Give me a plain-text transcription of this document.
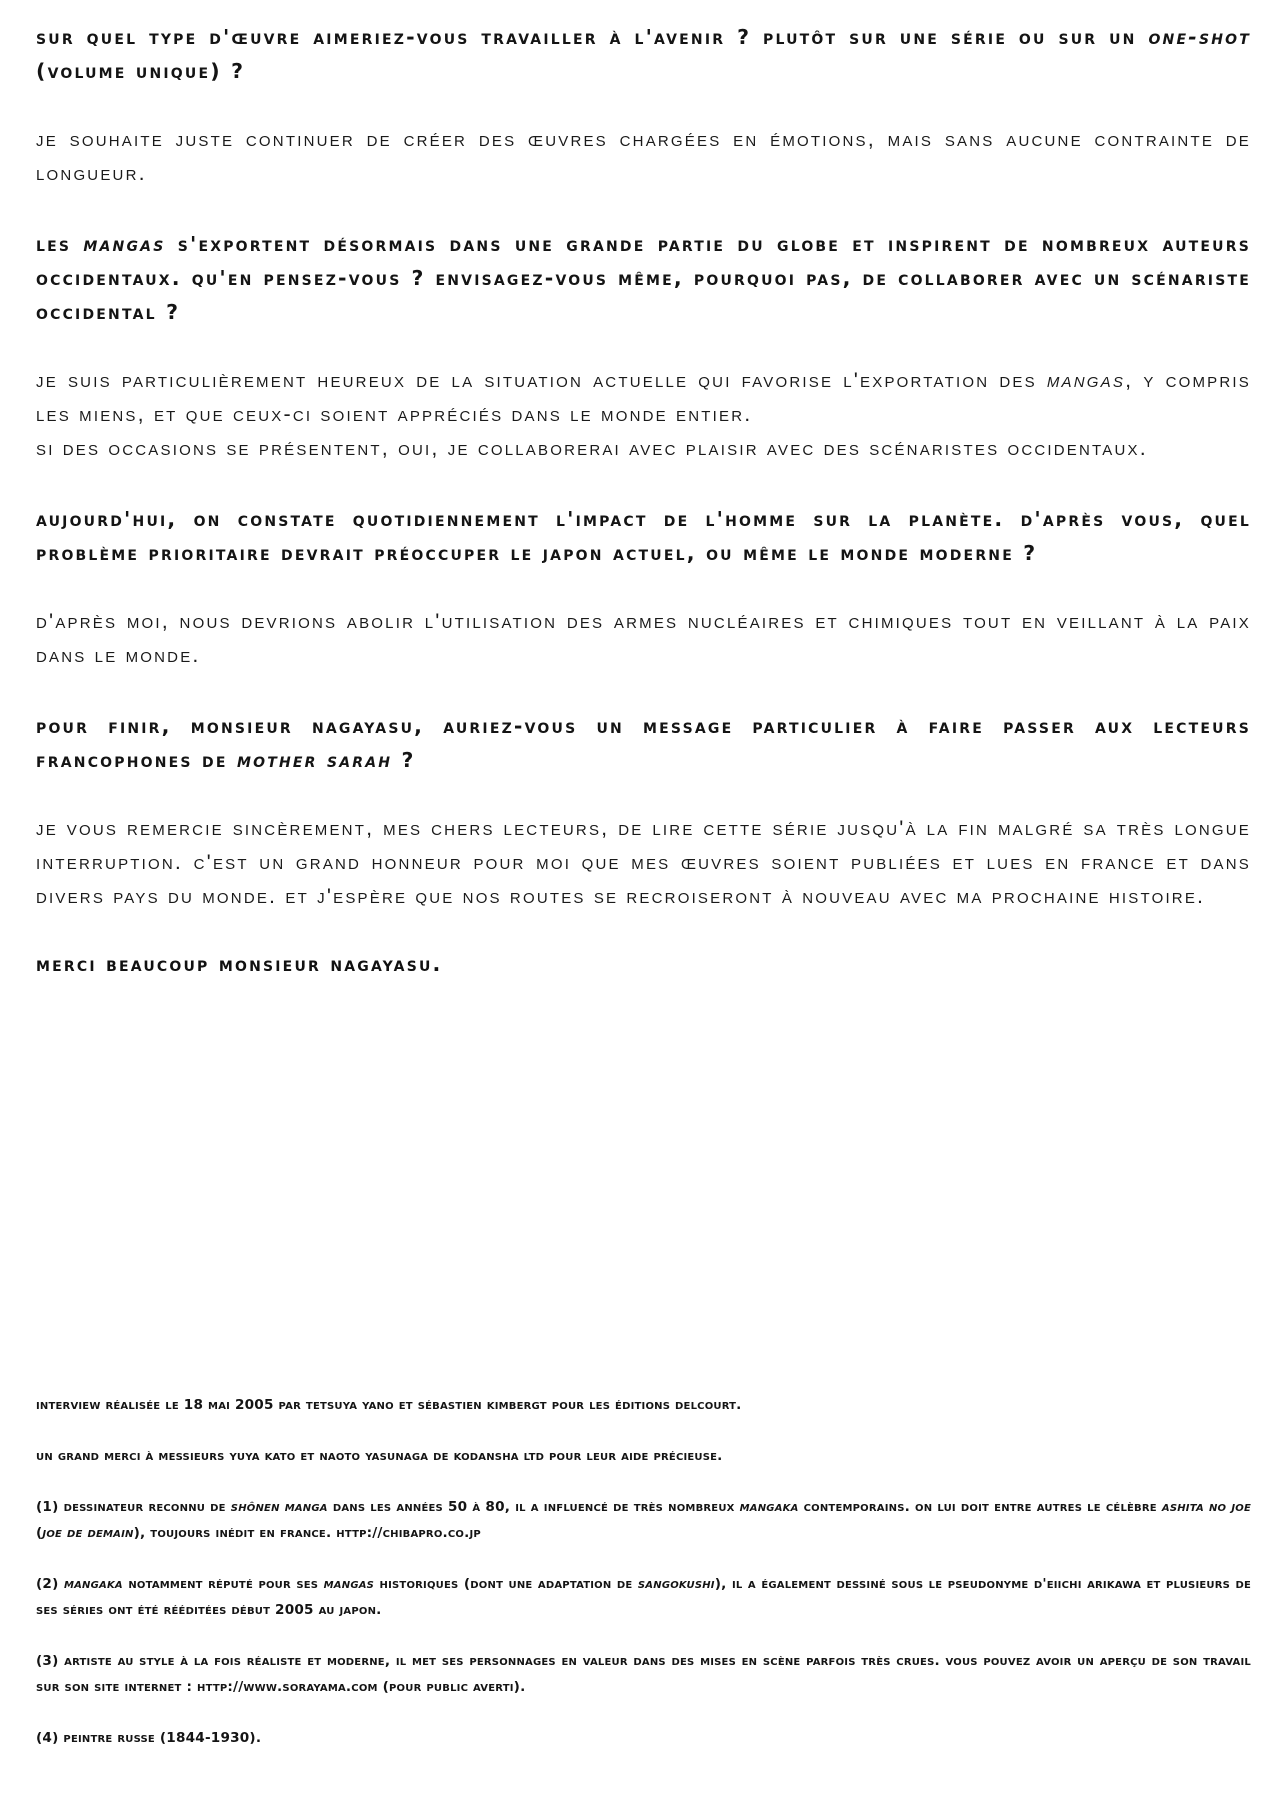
sur quel type d'œuvre aimeriez-vous travailler à l'avenir ? plutôt sur une série ou sur un one-shot (volume unique) ?

je souhaite juste continuer de créer des œuvres chargées en émotions, mais sans aucune contrainte de longueur.

les mangas s'exportent désormais dans une grande partie du globe et inspirent de nombreux auteurs occidentaux. qu'en pensez-vous ? envisagez-vous même, pourquoi pas, de collaborer avec un scénariste occidental ?

je suis particulièrement heureux de la situation actuelle qui favorise l'exportation des mangas, y compris les miens, et que ceux-ci soient appréciés dans le monde entier.
si des occasions se présentent, oui, je collaborerai avec plaisir avec des scénaristes occidentaux.

aujourd'hui, on constate quotidiennement l'impact de l'homme sur la planète. d'après vous, quel problème prioritaire devrait préoccuper le japon actuel, ou même le monde moderne ?

d'après moi, nous devrions abolir l'utilisation des armes nucléaires et chimiques tout en veillant à la paix dans le monde.

pour finir, monsieur nagayasu, auriez-vous un message particulier à faire passer aux lecteurs francophones de mother sarah ?

je vous remercie sincèrement, mes chers lecteurs, de lire cette série jusqu'à la fin malgré sa très longue interruption. c'est un grand honneur pour moi que mes œuvres soient publiées et lues en france et dans divers pays du monde. et j'espère que nos routes se recroiseront à nouveau avec ma prochaine histoire.

merci beaucoup monsieur nagayasu.

interview réalisée le 18 mai 2005 par tetsuya yano et sébastien kimbergt pour les éditions delcourt.

un grand merci à messieurs yuya kato et naoto yasunaga de kodansha ltd pour leur aide précieuse.

(1) dessinateur reconnu de shônen manga dans les années 50 à 80, il a influencé de très nombreux mangaka contemporains. on lui doit entre autres le célèbre ashita no joe (joe de demain), toujours inédit en france. http://chibapro.co.jp

(2) mangaka notamment réputé pour ses mangas historiques (dont une adaptation de sangokushi), il a également dessiné sous le pseudonyme d'eiichi arikawa et plusieurs de ses séries ont été rééditées début 2005 au japon.

(3) artiste au style à la fois réaliste et moderne, il met ses personnages en valeur dans des mises en scène parfois très crues. vous pouvez avoir un aperçu de son travail sur son site internet : http://www.sorayama.com (pour public averti).

(4) peintre russe (1844-1930).
